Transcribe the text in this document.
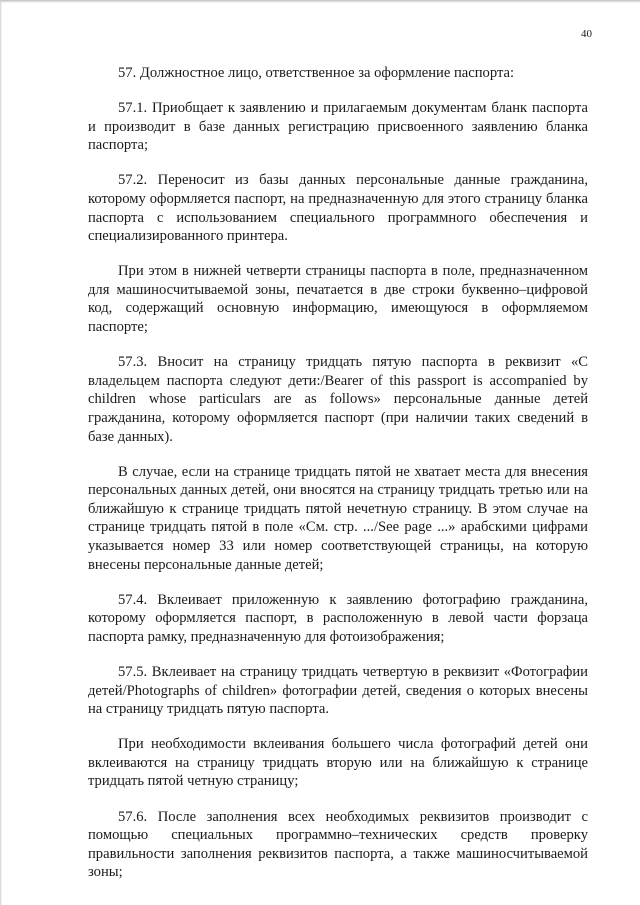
40

57. Должностное лицо, ответственное за оформление паспорта:

57.1. Приобщает к заявлению и прилагаемым документам бланк паспорта и производит в базе данных регистрацию присвоенного заявлению бланка паспорта;

57.2. Переносит из базы данных персональные данные гражданина, которому оформляется паспорт, на предназначенную для этого страницу бланка паспорта с использованием специального программного обеспечения и специализированного принтера.

При этом в нижней четверти страницы паспорта в поле, предназначенном для машиносчитываемой зоны, печатается в две строки буквенно–цифровой код, содержащий основную информацию, имеющуюся в оформляемом паспорте;

57.3. Вносит на страницу тридцать пятую паспорта в реквизит «С владельцем паспорта следуют дети:/Bearer of this passport is accompanied by children whose particulars are as follows» персональные данные детей гражданина, которому оформляется паспорт (при наличии таких сведений в базе данных).

В случае, если на странице тридцать пятой не хватает места для внесения персональных данных детей, они вносятся на страницу тридцать третью или на ближайшую к странице тридцать пятой нечетную страницу. В этом случае на странице тридцать пятой в поле «См. стр. .../See page ...» арабскими цифрами указывается номер 33 или номер соответствующей страницы, на которую внесены персональные данные детей;

57.4. Вклеивает приложенную к заявлению фотографию гражданина, которому оформляется паспорт, в расположенную в левой части форзаца паспорта рамку, предназначенную для фотоизображения;

57.5. Вклеивает на страницу тридцать четвертую в реквизит «Фотографии детей/Photographs of children» фотографии детей, сведения о которых внесены на страницу тридцать пятую паспорта.

При необходимости вклеивания большего числа фотографий детей они вклеиваются на страницу тридцать вторую или на ближайшую к странице тридцать пятой четную страницу;

57.6. После заполнения всех необходимых реквизитов производит с помощью специальных программно–технических средств проверку правильности заполнения реквизитов паспорта, а также машиносчитываемой зоны;
